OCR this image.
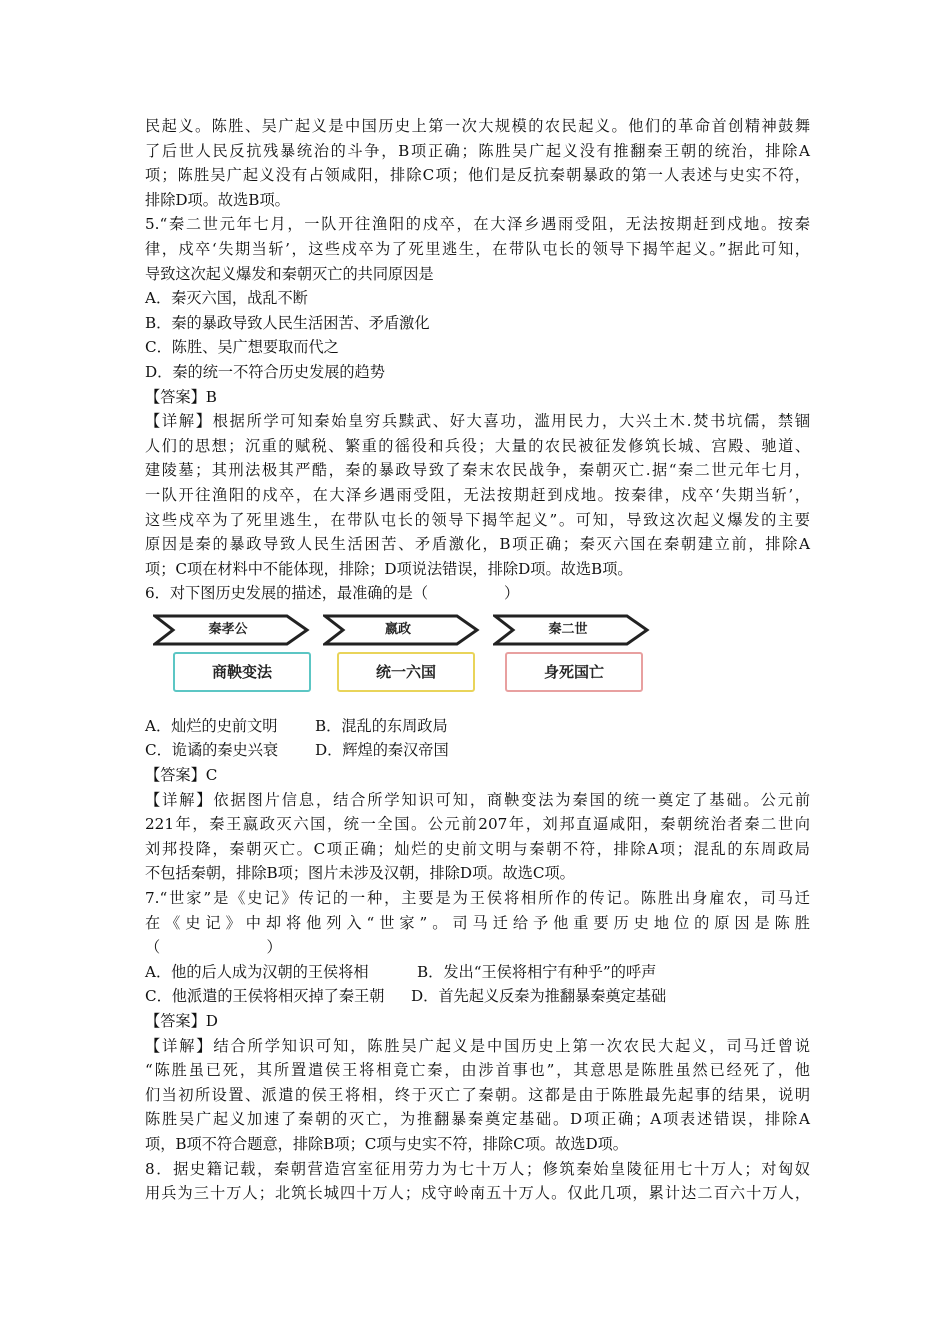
民起义。陈胜、吴广起义是中国历史上第一次大规模的农民起义。他们的革命首创精神鼓舞

了后世人民反抗残暴统治的斗争，B项正确；陈胜吴广起义没有推翻秦王朝的统治，排除A

项；陈胜吴广起义没有占领咸阳，排除C项；他们是反抗秦朝暴政的第一人表述与史实不符，

排除D项。故选B项。

5.“秦二世元年七月，一队开往渔阳的戍卒，在大泽乡遇雨受阻，无法按期赶到戍地。按秦

律，戍卒‘失期当斩’，这些戍卒为了死里逃生，在带队屯长的领导下揭竿起义。”据此可知，

导致这次起义爆发和秦朝灭亡的共同原因是

A．秦灭六国，战乱不断

B．秦的暴政导致人民生活困苦、矛盾激化

C．陈胜、吴广想要取而代之

D．秦的统一不符合历史发展的趋势

【答案】B

【详解】根据所学可知秦始皇穷兵黩武、好大喜功，滥用民力，大兴土木.焚书坑儒，禁锢

人们的思想；沉重的赋税、繁重的徭役和兵役；大量的农民被征发修筑长城、宫殿、驰道、

建陵墓；其刑法极其严酷，秦的暴政导致了秦末农民战争，秦朝灭亡.据“秦二世元年七月，

一队开往渔阳的戍卒，在大泽乡遇雨受阻，无法按期赶到戍地。按秦律，戍卒‘失期当斩’，

这些戍卒为了死里逃生，在带队屯长的领导下揭竿起义”。可知，导致这次起义爆发的主要

原因是秦的暴政导致人民生活困苦、矛盾激化，B项正确；秦灭六国在秦朝建立前，排除A

项；C项在材料中不能体现，排除；D项说法错误，排除D项。故选B项。

6．对下图历史发展的描述，最准确的是（　　　　　）

秦孝公	嬴政	秦二世
商鞅变法	统一六国	身死国亡

A．灿烂的史前文明 B．混乱的东周政局

C．诡谲的秦史兴衰 D．辉煌的秦汉帝国

【答案】C

【详解】依据图片信息，结合所学知识可知，商鞅变法为秦国的统一奠定了基础。公元前

221年，秦王嬴政灭六国，统一全国。公元前207年，刘邦直逼咸阳，秦朝统治者秦二世向

刘邦投降，秦朝灭亡。C项正确；灿烂的史前文明与秦朝不符，排除A项；混乱的东周政局

不包括秦朝，排除B项；图片未涉及汉朝，排除D项。故选C项。

7.“世家”是《史记》传记的一种，主要是为王侯将相所作的传记。陈胜出身雇农，司马迁

在《史记》中却将他列入“世家”。司马迁给予他重要历史地位的原因是陈胜

（　　　　　　　）

A．他的后人成为汉朝的王侯将相	B．发出“王侯将相宁有种乎”的呼声

C．他派遣的王侯将相灭掉了秦王朝 D．首先起义反秦为推翻暴秦奠定基础

【答案】D

【详解】结合所学知识可知，陈胜吴广起义是中国历史上第一次农民大起义，司马迁曾说

“陈胜虽已死，其所置遣侯王将相竟亡秦，由涉首事也”，其意思是陈胜虽然已经死了，他

们当初所设置、派遣的侯王将相，终于灭亡了秦朝。这都是由于陈胜最先起事的结果，说明

陈胜吴广起义加速了秦朝的灭亡，为推翻暴秦奠定基础。D项正确；A项表述错误，排除A

项，B项不符合题意，排除B项；C项与史实不符，排除C项。故选D项。

8．据史籍记载，秦朝营造宫室征用劳力为七十万人；修筑秦始皇陵征用七十万人；对匈奴

用兵为三十万人；北筑长城四十万人；戍守岭南五十万人。仅此几项，累计达二百六十万人，
